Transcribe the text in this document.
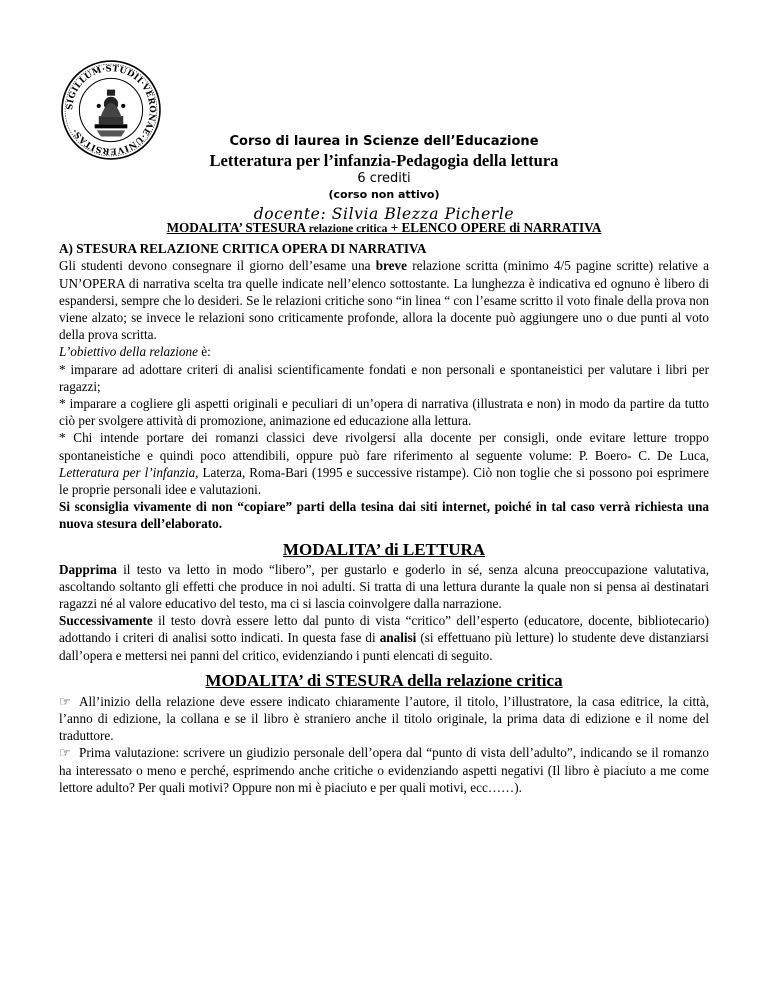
SIGILLUM·STUDII·VERONAE·UNIVERSITAS·
Corso di laurea in Scienze dell’Educazione
Letteratura per l’infanzia-Pedagogia della lettura
6 crediti
(corso non attivo)
docente: Silvia Blezza Picherle

MODALITA’ STESURA relazione critica + ELENCO OPERE di NARRATIVA

A) STESURA RELAZIONE CRITICA OPERA DI NARRATIVA

Gli studenti devono consegnare il giorno dell’esame una breve relazione scritta (minimo 4/5 pagine scritte) relative a UN’OPERA di narrativa scelta tra quelle indicate nell’elenco sottostante. La lunghezza è indicativa ed ognuno è libero di espandersi, sempre che lo desideri. Se le relazioni critiche sono “in linea “ con l’esame scritto il voto finale della prova non viene alzato; se invece le relazioni sono criticamente profonde, allora la docente può aggiungere uno o due punti al voto della prova scritta.

L’obiettivo della relazione è:

* imparare ad adottare criteri di analisi scientificamente fondati e non personali e spontaneistici per valutare i libri per ragazzi;

* imparare a cogliere gli aspetti originali e peculiari di un’opera di narrativa (illustrata e non) in modo da partire da tutto ciò per svolgere attività di promozione, animazione ed educazione alla lettura.

* Chi intende portare dei romanzi classici deve rivolgersi alla docente per consigli, onde evitare letture troppo spontaneistiche e quindi poco attendibili, oppure può fare riferimento al seguente volume: P. Boero- C. De Luca, Letteratura per l’infanzia, Laterza, Roma-Bari (1995 e successive ristampe). Ciò non toglie che si possono poi esprimere le proprie personali idee e valutazioni.

Si sconsiglia vivamente di non “copiare” parti della tesina dai siti internet, poiché in tal caso verrà richiesta una nuova stesura dell’elaborato.

MODALITA’ di LETTURA

Dapprima il testo va letto in modo “libero”, per gustarlo e goderlo in sé, senza alcuna preoccupazione valutativa, ascoltando soltanto gli effetti che produce in noi adulti. Si tratta di una lettura durante la quale non si pensa ai destinatari ragazzi né al valore educativo del testo, ma ci si lascia coinvolgere dalla narrazione.

Successivamente il testo dovrà essere letto dal punto di vista “critico” dell’esperto (educatore, docente, bibliotecario) adottando i criteri di analisi sotto indicati. In questa fase di analisi (si effettuano più letture) lo studente deve distanziarsi dall’opera e mettersi nei panni del critico, evidenziando i punti elencati di seguito.

MODALITA’ di STESURA della relazione critica

☞ All’inizio della relazione deve essere indicato chiaramente l’autore, il titolo, l’illustratore, la casa editrice, la città, l’anno di edizione, la collana e se il libro è straniero anche il titolo originale, la prima data di edizione e il nome del traduttore.

☞ Prima valutazione: scrivere un giudizio personale dell’opera dal “punto di vista dell’adulto”, indicando se il romanzo ha interessato o meno e perché, esprimendo anche critiche o evidenziando aspetti negativi (Il libro è piaciuto a me come lettore adulto? Per quali motivi? Oppure non mi è piaciuto e per quali motivi, ecc……).
